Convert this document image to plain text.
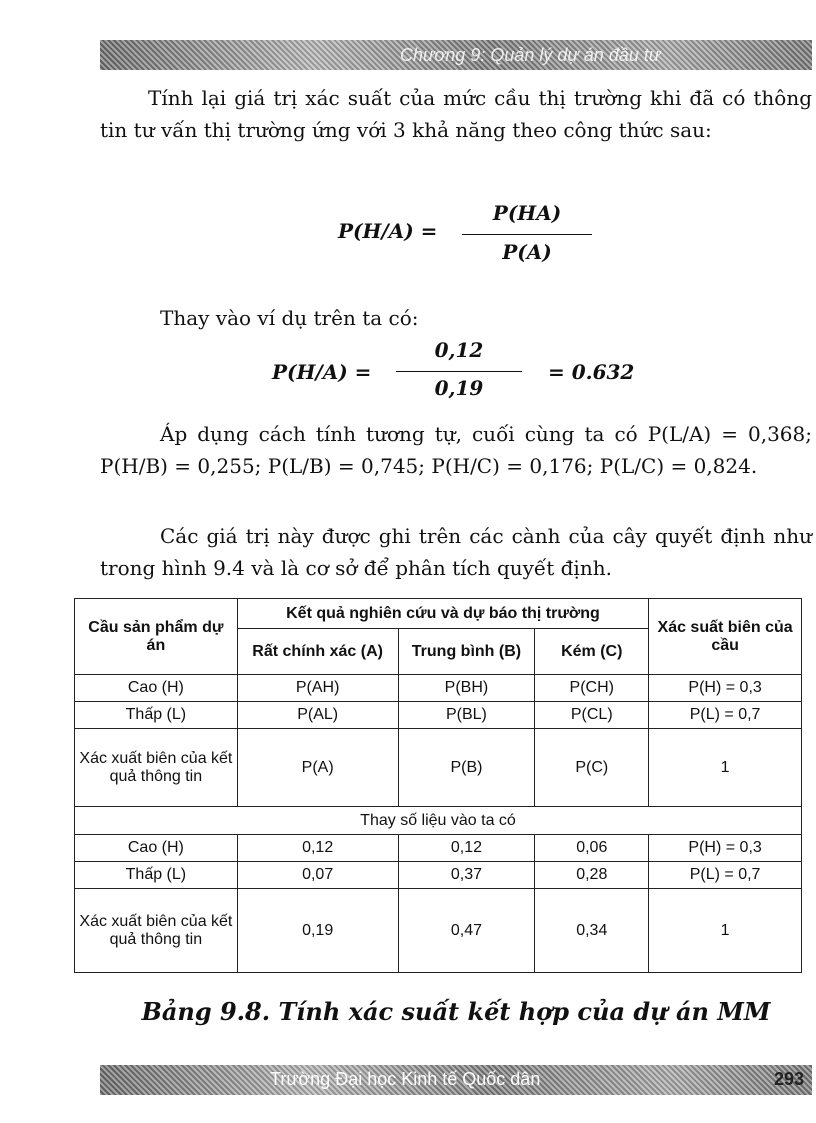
Chương 9: Quản lý dự án đầu tư

Tính lại giá trị xác suất của mức cầu thị trường khi đã có thông tin tư vấn thị trường ứng với 3 khả năng theo công thức sau:

P(H/A) =
P(HA)
P(A)

Thay vào ví dụ trên ta có:

P(H/A) =
0,12
0,19
= 0.632

Áp dụng cách tính tương tự, cuối cùng ta có P(L/A) = 0,368; P(H/B) = 0,255; P(L/B) = 0,745; P(H/C) = 0,176; P(L/C) = 0,824.

Các giá trị này được ghi trên các cành của cây quyết định như trong hình 9.4 và là cơ sở để phân tích quyết định.

Cầu sản phẩm dự án	Kết quả nghiên cứu và dự báo thị trường			Xác suất biên của cầu
	Rất chính xác (A)	Trung bình (B)	Kém (C)	
Cao (H)	P(AH)	P(BH)	P(CH)	P(H) = 0,3
Thấp (L)	P(AL)	P(BL)	P(CL)	P(L) = 0,7
Xác xuất biên của kết quả thông tin	P(A)	P(B)	P(C)	1
Thay số liệu vào ta có				
Cao (H)	0,12	0,12	0,06	P(H) = 0,3
Thấp (L)	0,07	0,37	0,28	P(L) = 0,7
Xác xuất biên của kết quả thông tin	0,19	0,47	0,34	1
Bảng 9.8. Tính xác suất kết hợp của dự án MM
Trường Đại học Kinh tế Quốc dân	293
